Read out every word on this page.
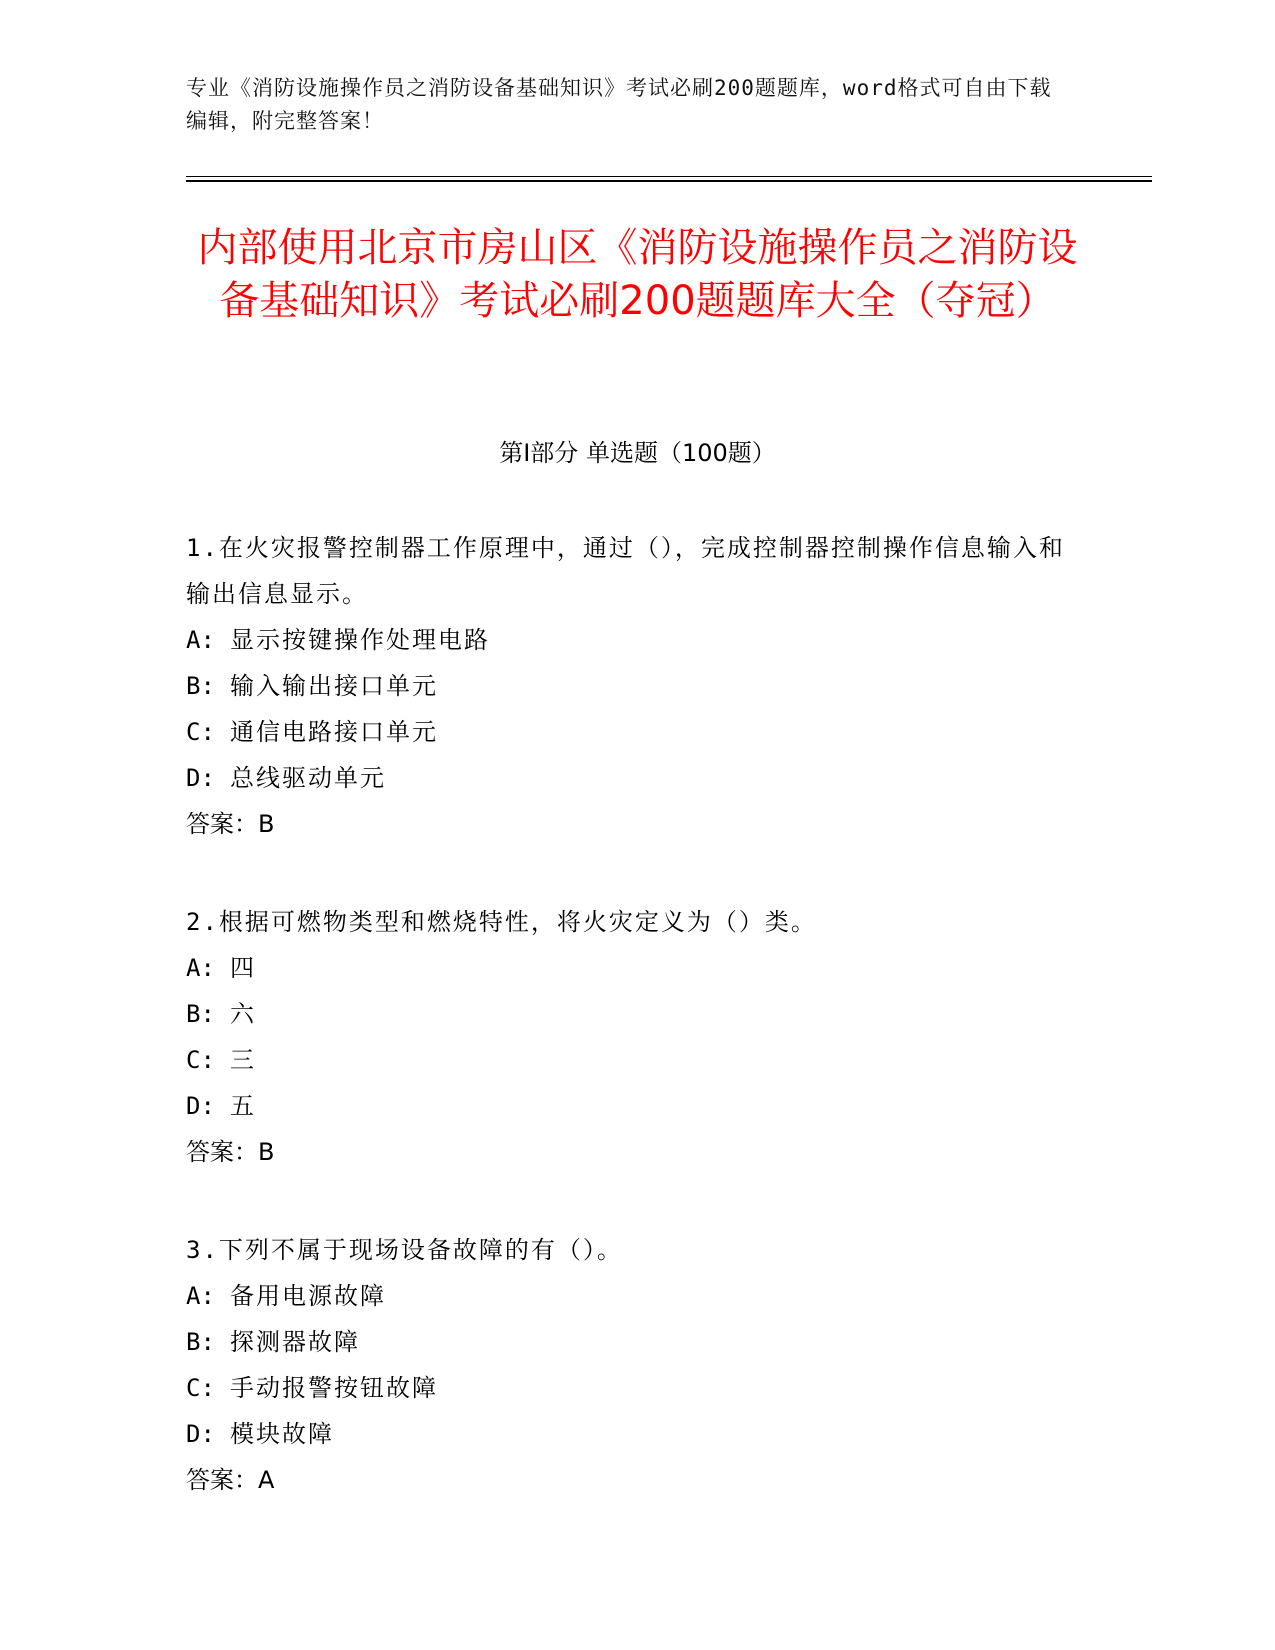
专业《消防设施操作员之消防设备基础知识》考试必刷200题题库，word格式可自由下载编辑，附完整答案！
内部使用北京市房山区《消防设施操作员之消防设备基础知识》考试必刷200题题库大全（夺冠）
第I部分 单选题（100题）
1.在火灾报警控制器工作原理中，通过（），完成控制器控制操作信息输入和输出信息显示。
A: 显示按键操作处理电路
B: 输入输出接口单元
C: 通信电路接口单元
D: 总线驱动单元
答案：B
2.根据可燃物类型和燃烧特性，将火灾定义为（）类。
A: 四
B: 六
C: 三
D: 五
答案：B
3.下列不属于现场设备故障的有（）。
A: 备用电源故障
B: 探测器故障
C: 手动报警按钮故障
D: 模块故障
答案：A
